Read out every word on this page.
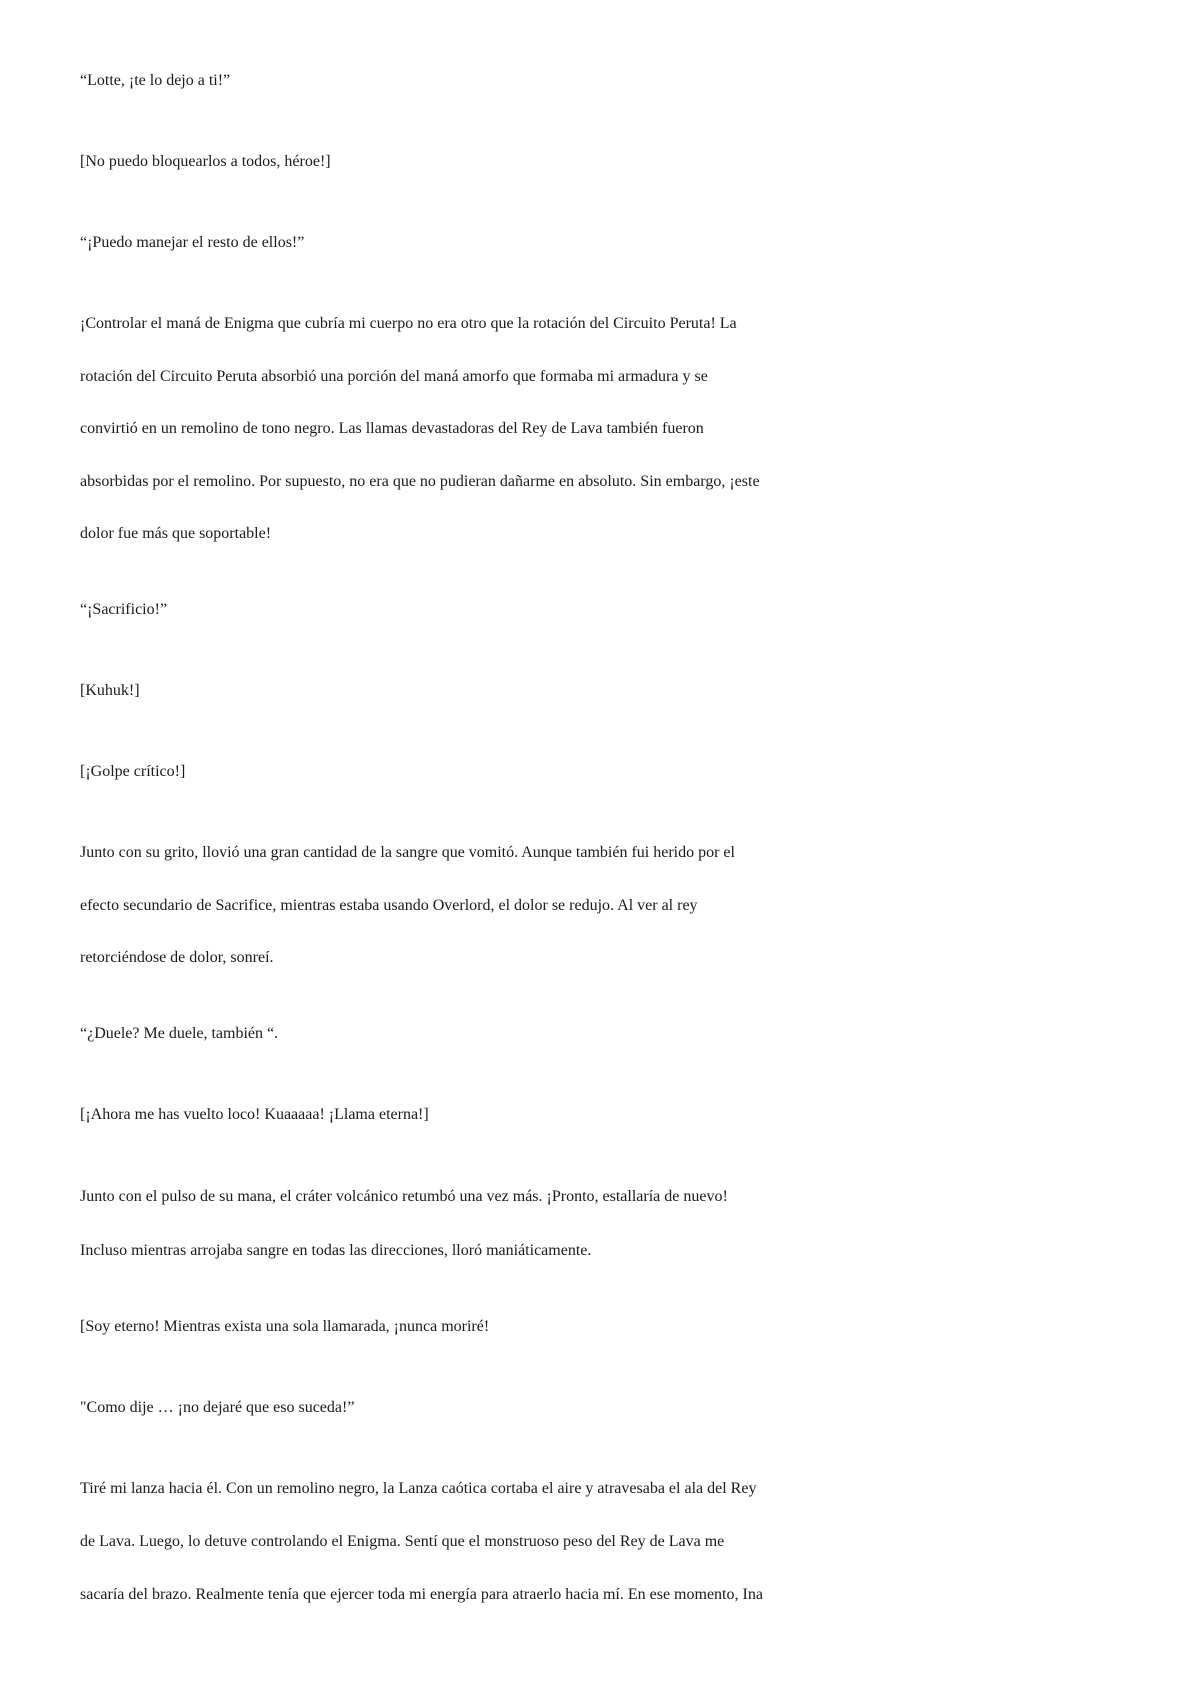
“Lotte, ¡te lo dejo a ti!”
[No puedo bloquearlos a todos, héroe!]
“¡Puedo manejar el resto de ellos!”
¡Controlar el maná de Enigma que cubría mi cuerpo no era otro que la rotación del Circuito Peruta! La
rotación del Circuito Peruta absorbió una porción del maná amorfo que formaba mi armadura y se
convirtió en un remolino de tono negro. Las llamas devastadoras del Rey de Lava también fueron
absorbidas por el remolino. Por supuesto, no era que no pudieran dañarme en absoluto. Sin embargo, ¡este
dolor fue más que soportable!
“¡Sacrificio!”
[Kuhuk!]
[¡Golpe crítico!]
Junto con su grito, llovió una gran cantidad de la sangre que vomitó. Aunque también fui herido por el
efecto secundario de Sacrifice, mientras estaba usando Overlord, el dolor se redujo. Al ver al rey
retorciéndose de dolor, sonreí.
“¿Duele? Me duele, también “.
[¡Ahora me has vuelto loco! Kuaaaaa! ¡Llama eterna!]
Junto con el pulso de su mana, el cráter volcánico retumbó una vez más. ¡Pronto, estallaría de nuevo!
Incluso mientras arrojaba sangre en todas las direcciones, lloró maniáticamente.
[Soy eterno! Mientras exista una sola llamarada, ¡nunca moriré!
"Como dije … ¡no dejaré que eso suceda!”
Tiré mi lanza hacia él. Con un remolino negro, la Lanza caótica cortaba el aire y atravesaba el ala del Rey
de Lava. Luego, lo detuve controlando el Enigma. Sentí que el monstruoso peso del Rey de Lava me
sacaría del brazo. Realmente tenía que ejercer toda mi energía para atraerlo hacia mí. En ese momento, Ina
